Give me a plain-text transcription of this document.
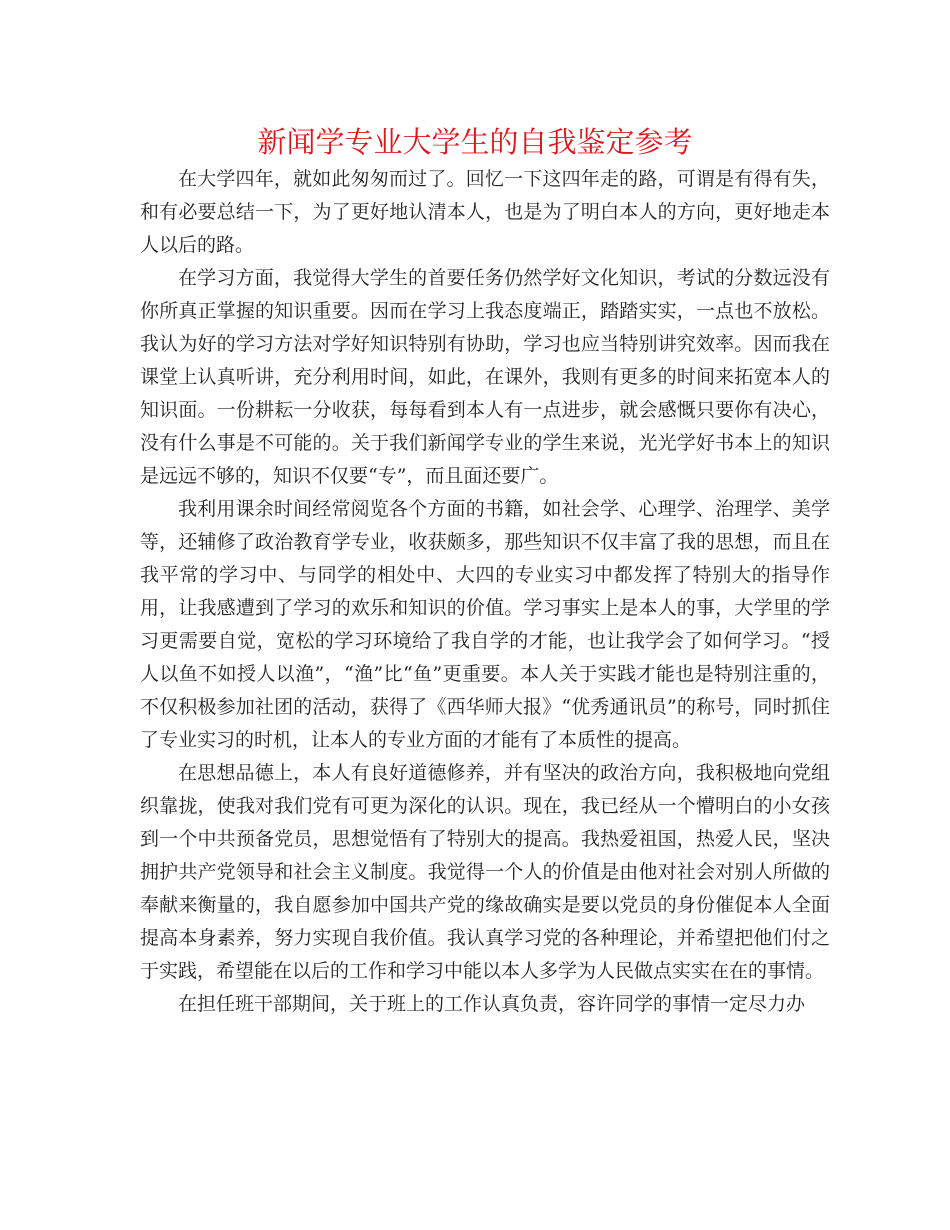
新闻学专业大学生的自我鉴定参考

在大学四年，就如此匆匆而过了。回忆一下这四年走的路，可谓是有得有失，和有必要总结一下，为了更好地认清本人，也是为了明白本人的方向，更好地走本人以后的路。

在学习方面，我觉得大学生的首要任务仍然学好文化知识，考试的分数远没有你所真正掌握的知识重要。因而在学习上我态度端正，踏踏实实，一点也不放松。我认为好的学习方法对学好知识特别有协助，学习也应当特别讲究效率。因而我在课堂上认真听讲，充分利用时间，如此，在课外，我则有更多的时间来拓宽本人的知识面。一份耕耘一分收获，每每看到本人有一点进步，就会感慨只要你有决心，没有什么事是不可能的。关于我们新闻学专业的学生来说，光光学好书本上的知识是远远不够的，知识不仅要“专”，而且面还要广。

我利用课余时间经常阅览各个方面的书籍，如社会学、心理学、治理学、美学等，还辅修了政治教育学专业，收获颇多，那些知识不仅丰富了我的思想，而且在我平常的学习中、与同学的相处中、大四的专业实习中都发挥了特别大的指导作用，让我感遭到了学习的欢乐和知识的价值。学习事实上是本人的事，大学里的学习更需要自觉，宽松的学习环境给了我自学的才能，也让我学会了如何学习。“授人以鱼不如授人以渔”，“渔”比“鱼”更重要。本人关于实践才能也是特别注重的，不仅积极参加社团的活动，获得了《西华师大报》“优秀通讯员”的称号，同时抓住了专业实习的时机，让本人的专业方面的才能有了本质性的提高。

在思想品德上，本人有良好道德修养，并有坚决的政治方向，我积极地向党组织靠拢，使我对我们党有可更为深化的认识。现在，我已经从一个懵明白的小女孩到一个中共预备党员，思想觉悟有了特别大的提高。我热爱祖国，热爱人民，坚决拥护共产党领导和社会主义制度。我觉得一个人的价值是由他对社会对别人所做的奉献来衡量的，我自愿参加中国共产党的缘故确实是要以党员的身份催促本人全面提高本身素养，努力实现自我价值。我认真学习党的各种理论，并希望把他们付之于实践，希望能在以后的工作和学习中能以本人多学为人民做点实实在在的事情。

在担任班干部期间，关于班上的工作认真负责，容许同学的事情一定尽力办
